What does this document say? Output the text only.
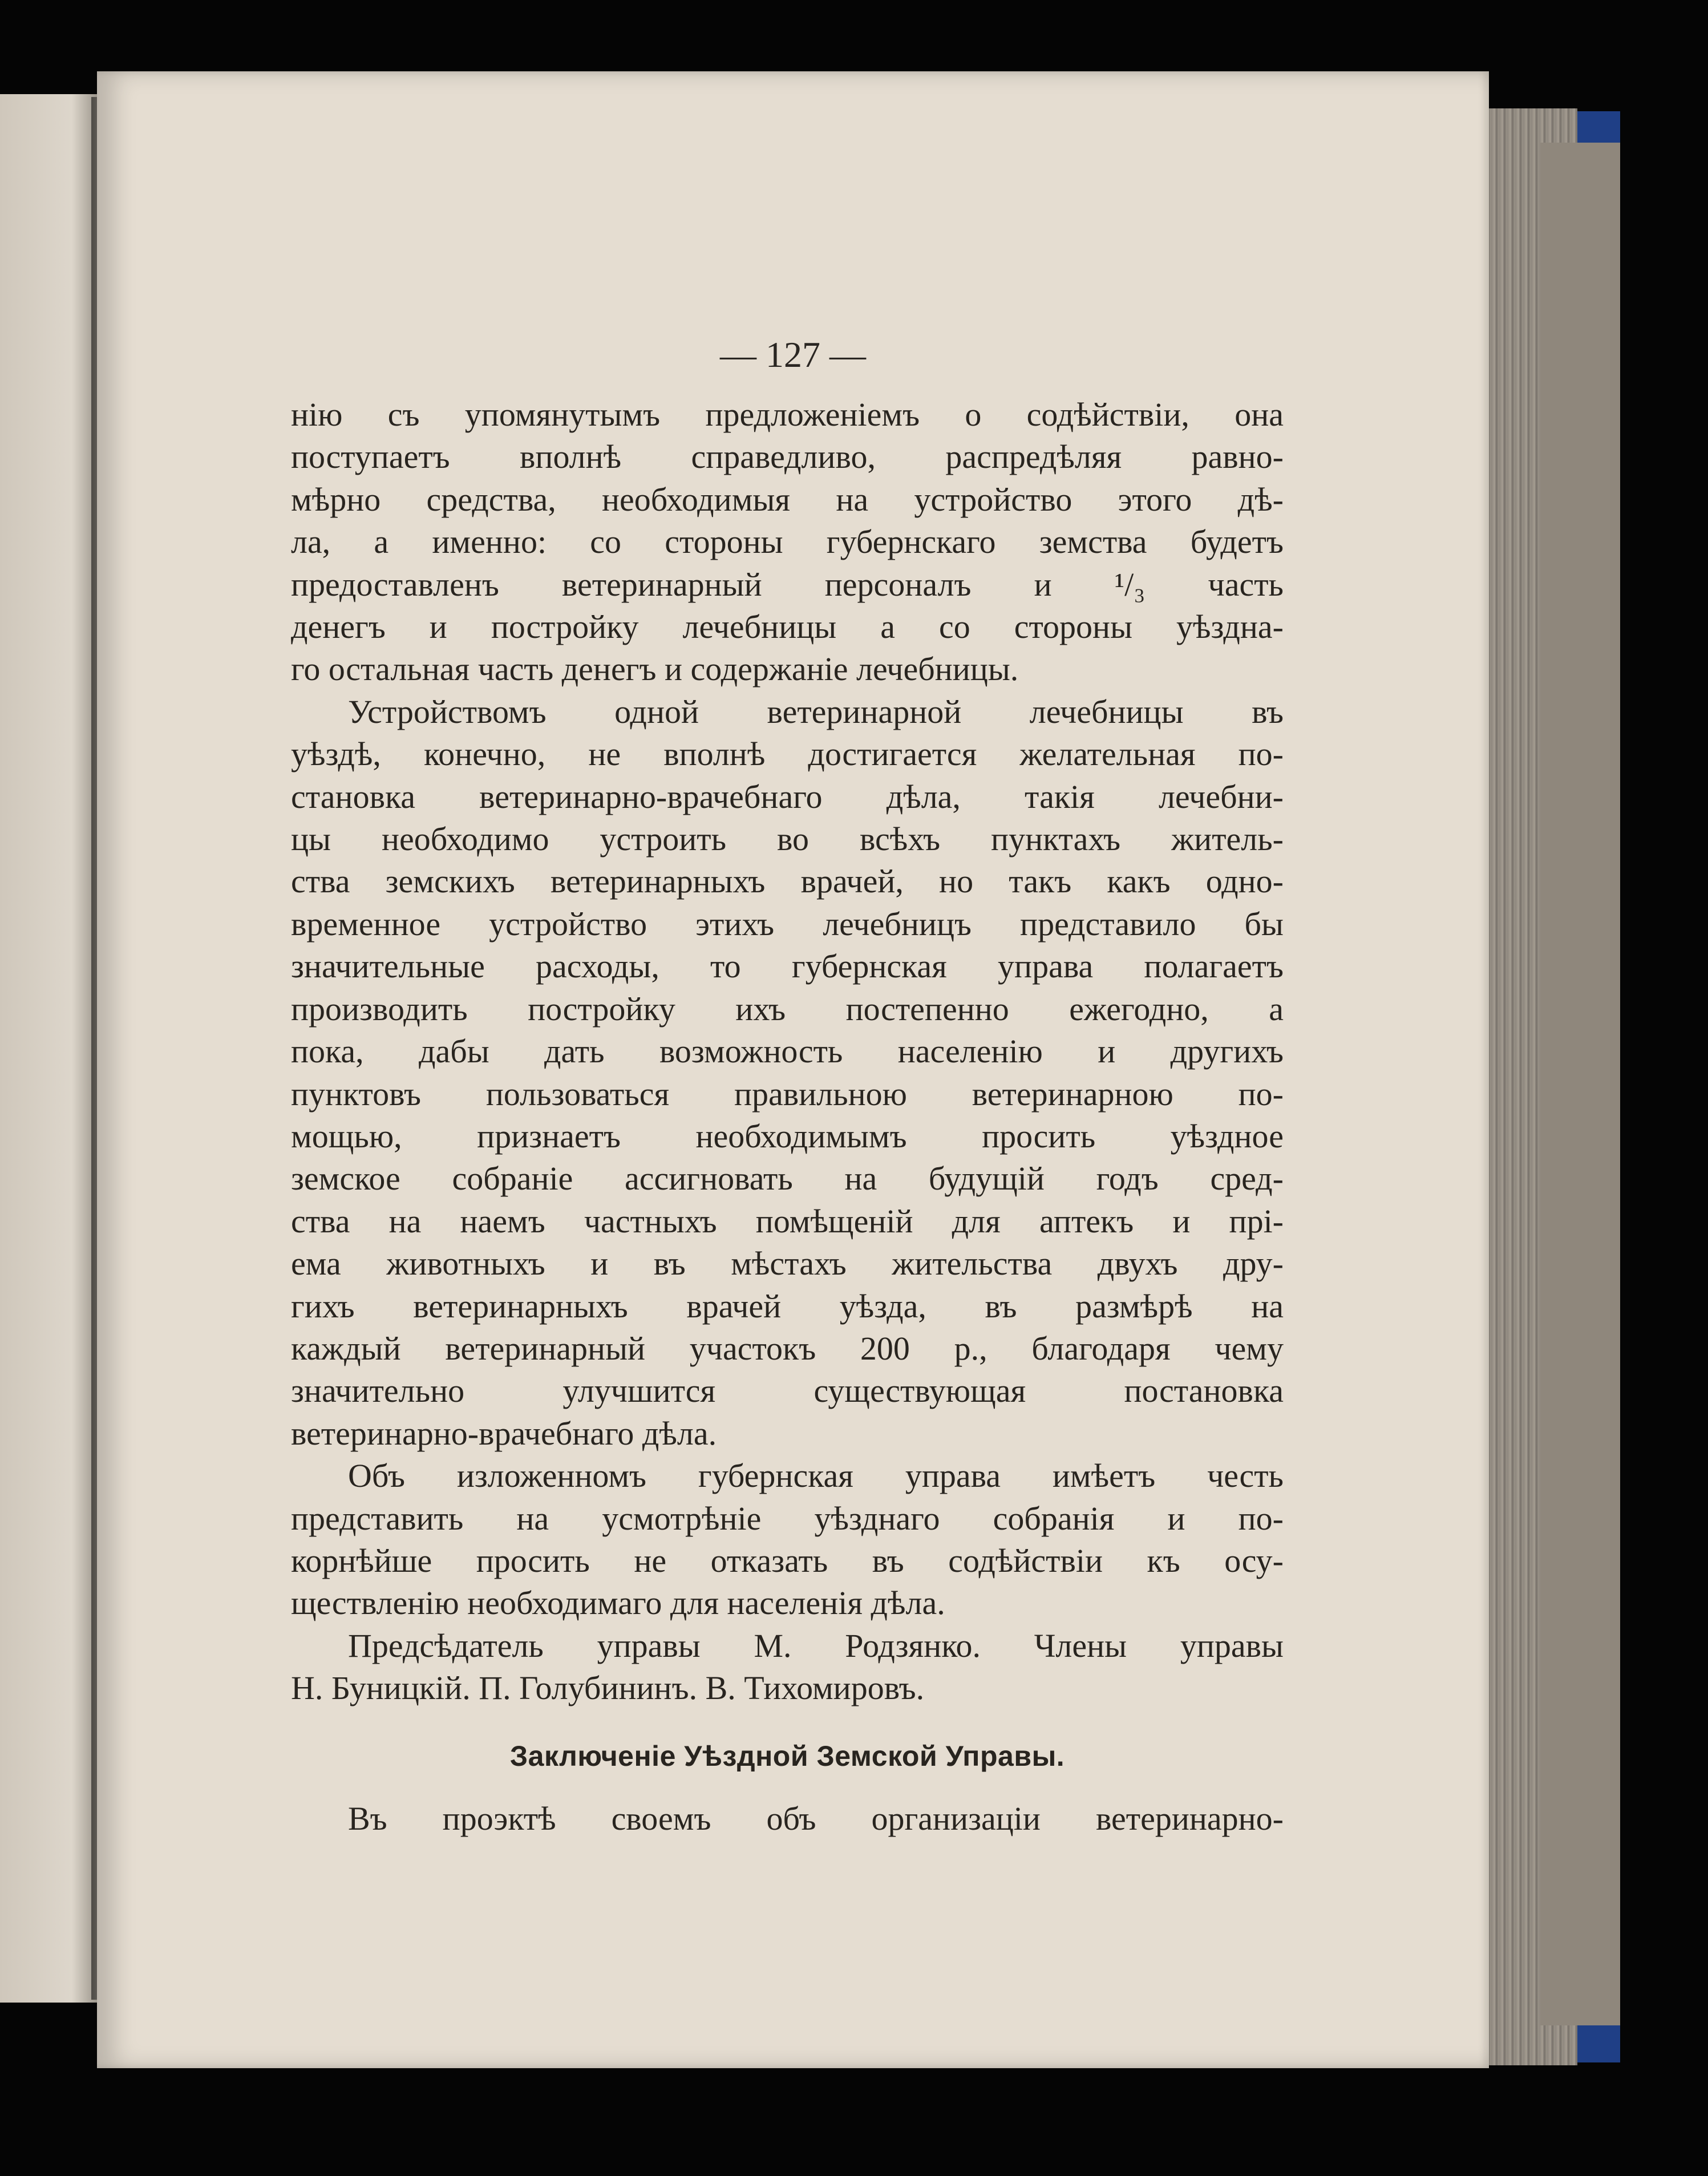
— 127 —

нію съ упомянутымъ предложеніемъ о содѣйствіи, она

поступаетъ вполнѣ справедливо, распредѣляя равно-

мѣрно средства, необходимыя на устройство этого дѣ-

ла, а именно: со стороны губернскаго земства будетъ

предоставленъ ветеринарный персоналъ и ¹/₃ часть

денегъ и постройку лечебницы а со стороны уѣздна-

го остальная часть денегъ и содержаніе лечебницы.

Устройствомъ одной ветеринарной лечебницы въ

уѣздѣ, конечно, не вполнѣ достигается желательная по-

становка ветеринарно-врачебнаго дѣла, такія лечебни-

цы необходимо устроить во всѣхъ пунктахъ житель-

ства земскихъ ветеринарныхъ врачей, но такъ какъ одно-

временное устройство этихъ лечебницъ представило бы

значительные расходы, то губернская управа полагаетъ

производить постройку ихъ постепенно ежегодно, а

пока, дабы дать возможность населенію и другихъ

пунктовъ пользоваться правильною ветеринарною по-

мощью, признаетъ необходимымъ просить уѣздное

земское собраніе ассигновать на будущій годъ сред-

ства на наемъ частныхъ помѣщеній для аптекъ и прі-

ема животныхъ и въ мѣстахъ жительства двухъ дру-

гихъ ветеринарныхъ врачей уѣзда, въ размѣрѣ на

каждый ветеринарный участокъ 200 р., благодаря чему

значительно улучшится существующая постановка

ветеринарно-врачебнаго дѣла.

Объ изложенномъ губернская управа имѣетъ честь

представить на усмотрѣніе уѣзднаго собранія и по-

корнѣйше просить не отказать въ содѣйствіи къ осу-

ществленію необходимаго для населенія дѣла.

Предсѣдатель управы М. Родзянко. Члены управы

Н. Буницкій. П. Голубининъ. В. Тихомировъ.

Заключеніе Уѣздной Земской Управы.

Въ проэктѣ своемъ объ организаціи ветеринарно-
